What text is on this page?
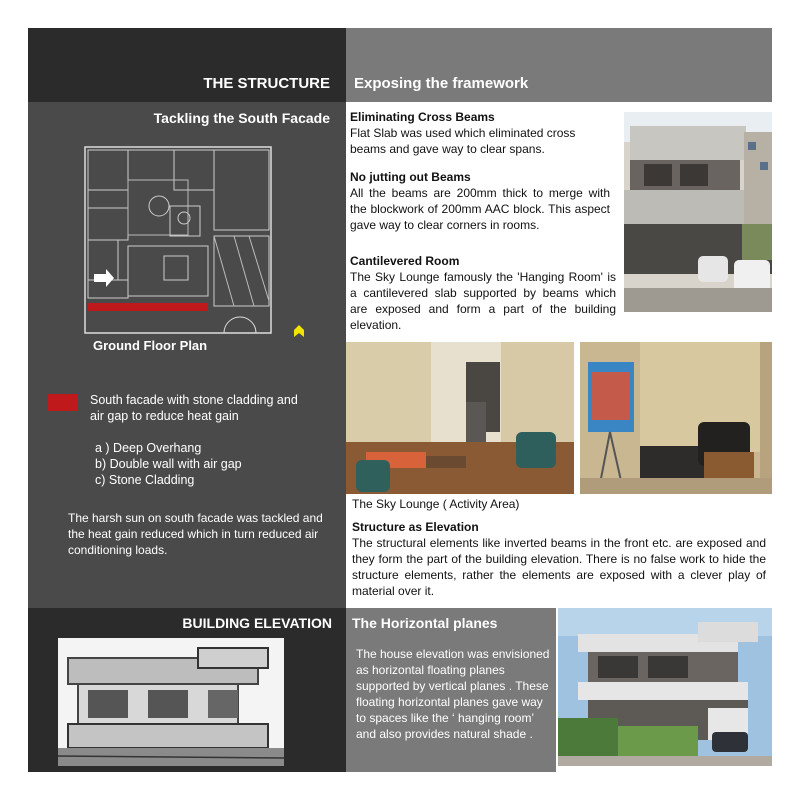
THE STRUCTURE Exposing the framework
Tackling the South Facade
Ground Floor Plan
South facade with stone cladding and air gap to reduce heat gain
a ) Deep Overhang
b) Double wall with air gap
c) Stone Cladding
The harsh sun on south facade was tackled and the heat gain reduced which in turn reduced air conditioning loads.
Eliminating Cross Beams
Flat Slab was used which eliminated cross beams and gave way to clear spans.
No jutting out Beams
All the beams are 200mm thick to merge with the blockwork of 200mm AAC block. This aspect gave way to clear corners in rooms.
Cantilevered Room
The Sky Lounge famously the 'Hanging Room' is a cantilevered slab supported by beams which are exposed and form a part of the building elevation.
The Sky Lounge ( Activity Area)
Structure as Elevation
The structural elements like inverted beams in the front etc. are exposed and they form the part of the building elevation. There is no false work to hide the structure elements, rather the elements are exposed with a clever play of material over it.
BUILDING ELEVATION The Horizontal planes
The house elevation was envisioned as horizontal floating planes supported by vertical planes . These floating horizontal planes gave way to spaces like the ‘ hanging room’ and also provides natural shade .
